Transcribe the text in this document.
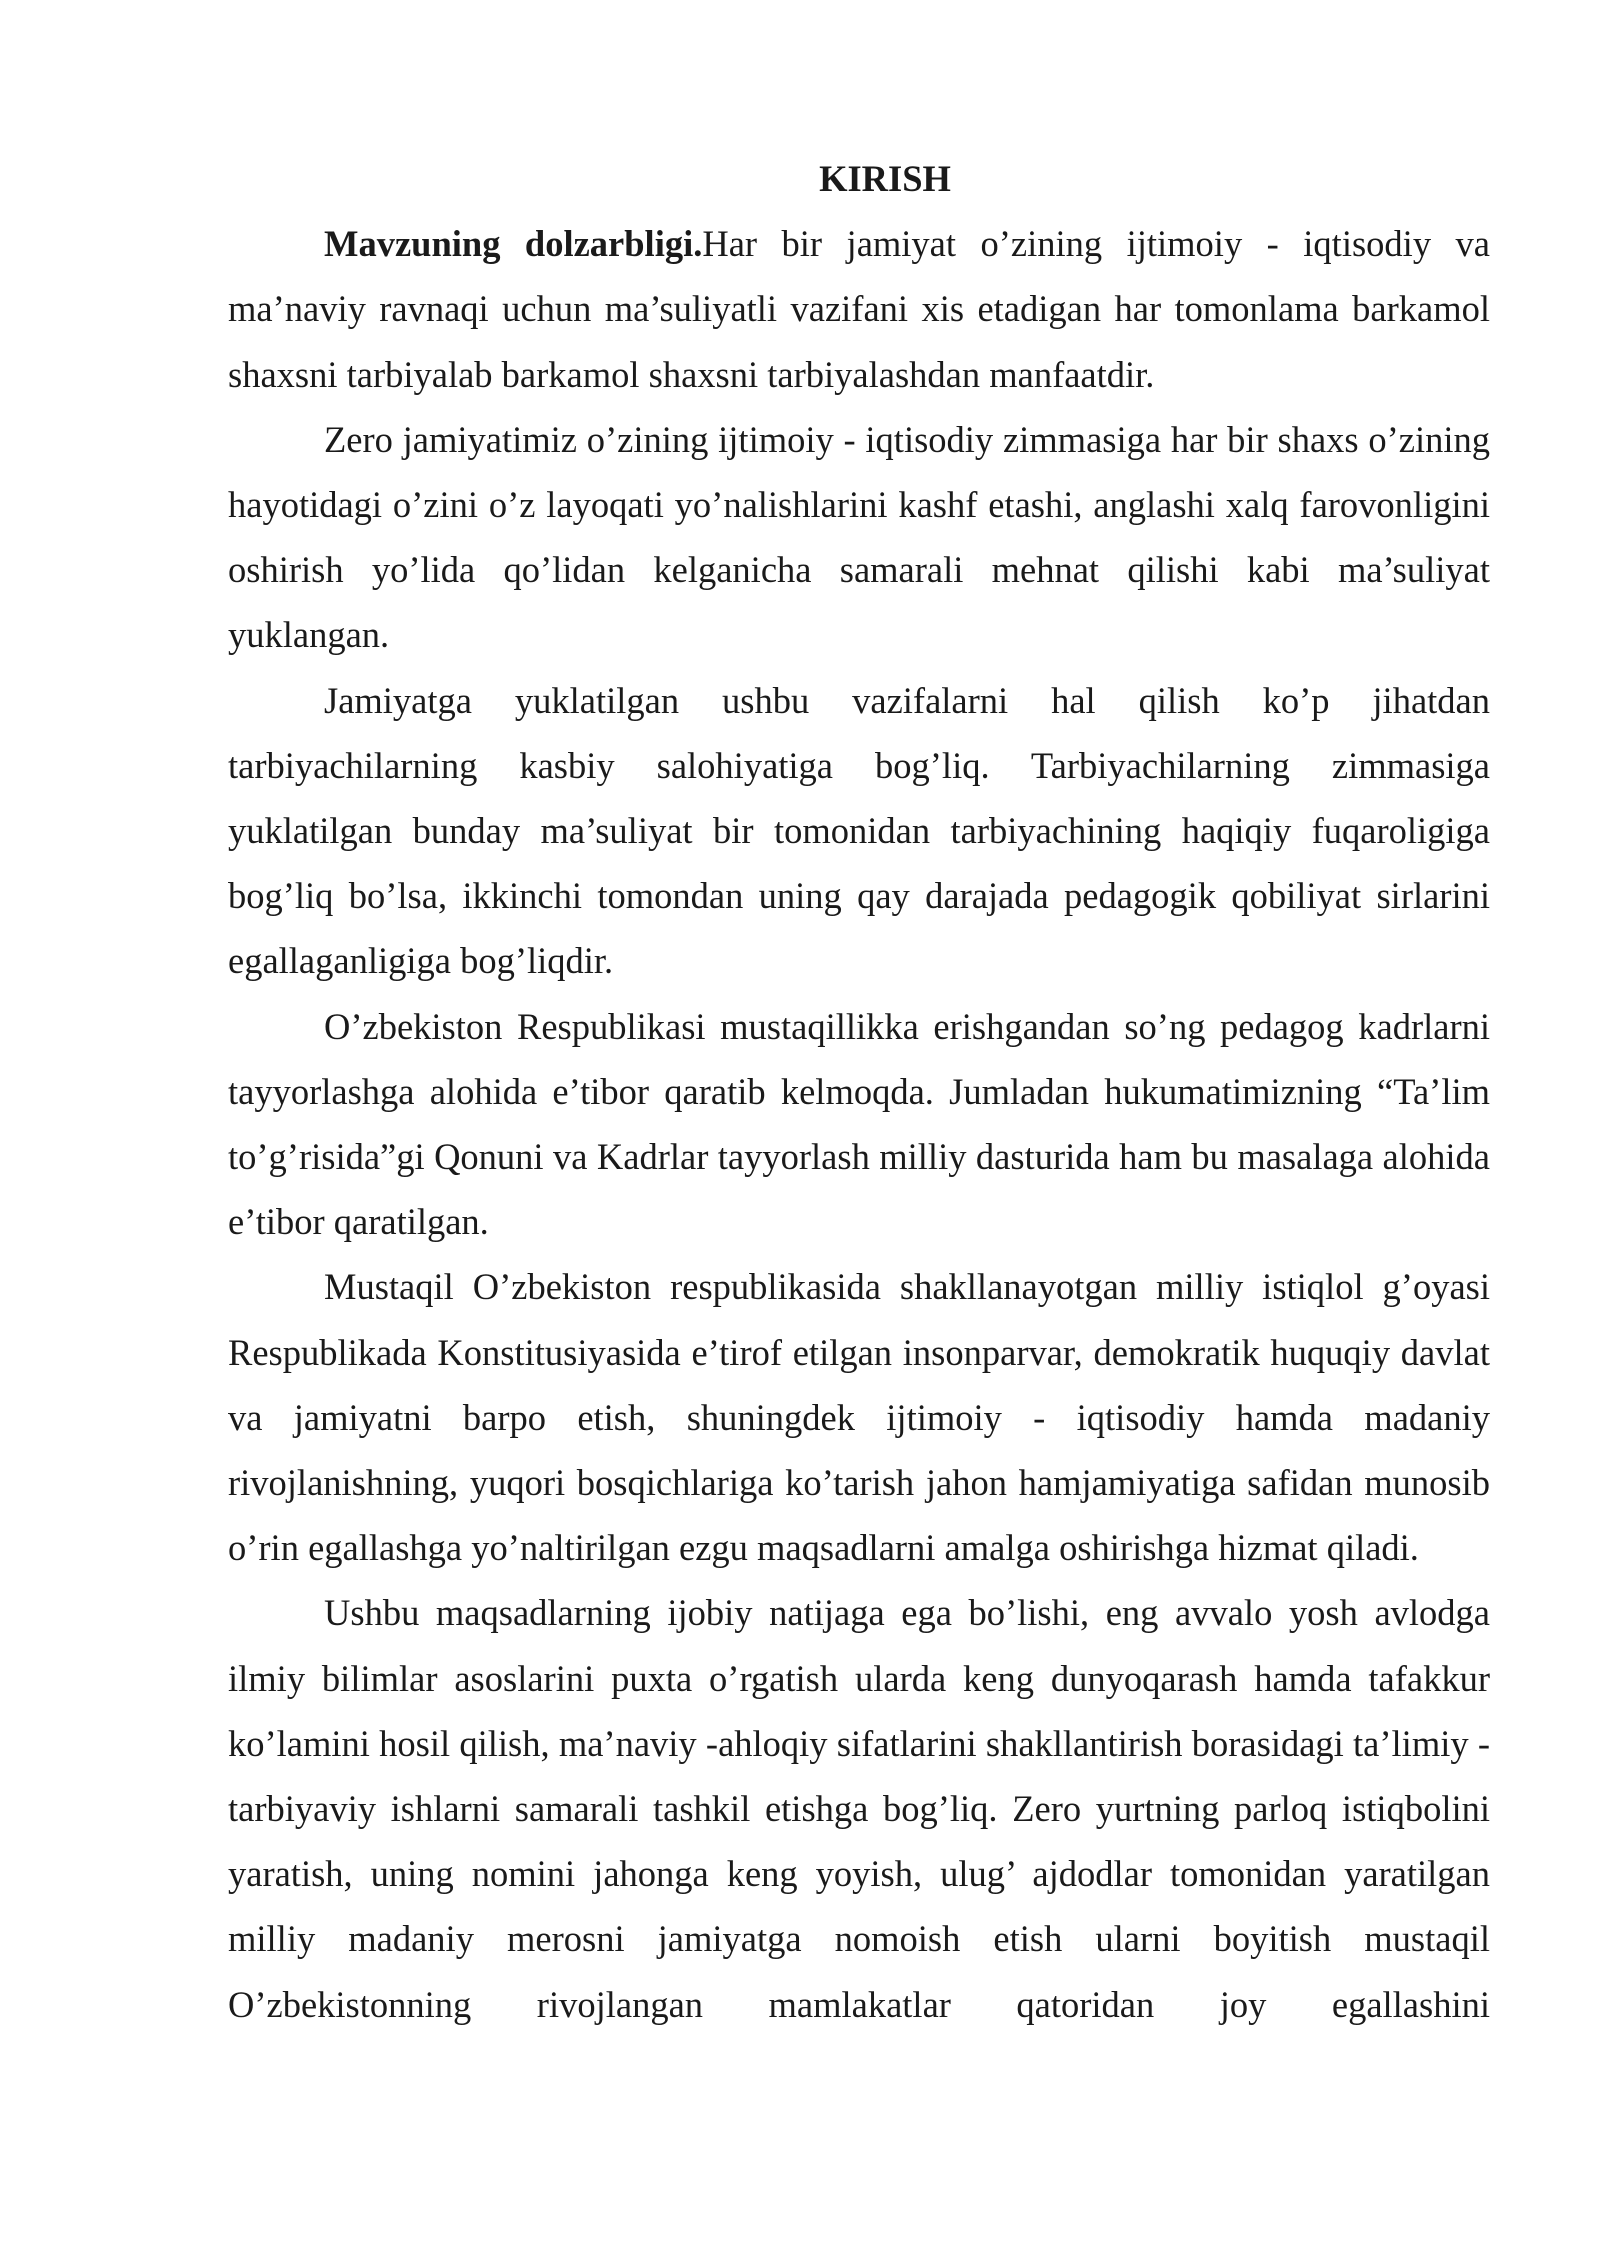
KIRISH

Mavzuning dolzarbligi.Har bir jamiyat o’zining ijtimoiy - iqtisodiy va ma’naviy ravnaqi uchun ma’suliyatli vazifani xis etadigan har tomonlama barkamol shaxsni tarbiyalab barkamol shaxsni tarbiyalashdan manfaatdir.

Zero jamiyatimiz o’zining ijtimoiy - iqtisodiy zimmasiga har bir shaxs o’zining hayotidagi o’zini o’z layoqati yo’nalishlarini kashf etashi, anglashi xalq farovonligini oshirish yo’lida qo’lidan kelganicha samarali mehnat qilishi kabi ma’suliyat yuklangan.

Jamiyatga yuklatilgan ushbu vazifalarni hal qilish ko’p jihatdan tarbiyachilarning kasbiy salohiyatiga bog’liq. Tarbiyachilarning zimmasiga yuklatilgan bunday ma’suliyat bir tomonidan tarbiyachining haqiqiy fuqaroligiga bog’liq bo’lsa, ikkinchi tomondan uning qay darajada pedagogik qobiliyat sirlarini egallaganligiga bog’liqdir.

O’zbekiston Respublikasi mustaqillikka erishgandan so’ng pedagog kadrlarni tayyorlashga alohida e’tibor qaratib kelmoqda. Jumladan hukumatimizning “Ta’lim to’g’risida”gi Qonuni va Kadrlar tayyorlash milliy dasturida ham bu masalaga alohida e’tibor qaratilgan.

Mustaqil O’zbekiston respublikasida shakllanayotgan milliy istiqlol g’oyasi Respublikada Konstitusiyasida e’tirof etilgan insonparvar, demokratik huquqiy davlat va jamiyatni barpo etish, shuningdek ijtimoiy - iqtisodiy hamda madaniy rivojlanishning, yuqori bosqichlariga ko’tarish jahon hamjamiyatiga safidan munosib o’rin egallashga yo’naltirilgan ezgu maqsadlarni amalga oshirishga hizmat qiladi.

Ushbu maqsadlarning ijobiy natijaga ega bo’lishi, eng avvalo yosh avlodga ilmiy bilimlar asoslarini puxta o’rgatish ularda keng dunyoqarash hamda tafakkur ko’lamini hosil qilish, ma’naviy -ahloqiy sifatlarini shakllantirish borasidagi ta’limiy -tarbiyaviy ishlarni samarali tashkil etishga bog’liq. Zero yurtning parloq istiqbolini yaratish, uning nomini jahonga keng yoyish, ulug’ ajdodlar tomonidan yaratilgan milliy madaniy merosni jamiyatga nomoish etish ularni boyitish mustaqil O’zbekistonning rivojlangan mamlakatlar qatoridan joy egallashini
